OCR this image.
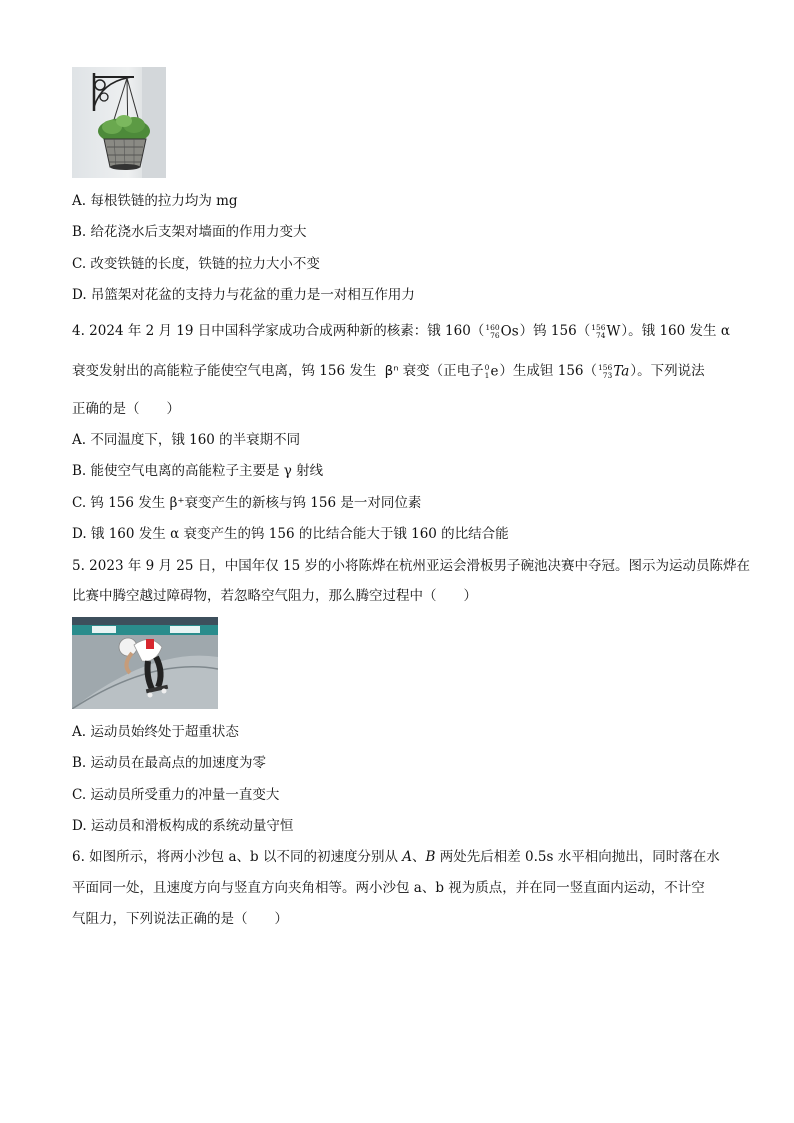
A. 每根铁链的拉力均为 mg
B. 给花浇水后支架对墙面的作用力变大
C. 改变铁链的长度，铁链的拉力大小不变
D. 吊篮架对花盆的支持力与花盆的重力是一对相互作用力
4. 2024 年 2 月 19 日中国科学家成功合成两种新的核素：锇 160（160
76Os）钨 156（156
74W）。锇 160 发生 α
衰变发射出的高能粒子能使空气电离，钨 156 发生 βⁿ 衰变（正电子0
1e）生成钽 156（156
73Ta）。下列说法
正确的是（　　）
A. 不同温度下，锇 160 的半衰期不同
B. 能使空气电离的高能粒子主要是 γ 射线
C. 钨 156 发生 β⁺衰变产生的新核与钨 156 是一对同位素
D. 锇 160 发生 α 衰变产生的钨 156 的比结合能大于锇 160 的比结合能
5. 2023 年 9 月 25 日，中国年仅 15 岁的小将陈烨在杭州亚运会滑板男子碗池决赛中夺冠。图示为运动员陈烨在
比赛中腾空越过障碍物，若忽略空气阻力，那么腾空过程中（　　）
A. 运动员始终处于超重状态
B. 运动员在最高点的加速度为零
C. 运动员所受重力的冲量一直变大
D. 运动员和滑板构成的系统动量守恒
6. 如图所示，将两小沙包 a、b 以不同的初速度分别从 A、B 两处先后相差 0.5s 水平相向抛出，同时落在水
平面同一处，且速度方向与竖直方向夹角相等。两小沙包 a、b 视为质点，并在同一竖直面内运动，不计空
气阻力，下列说法正确的是（　　）
